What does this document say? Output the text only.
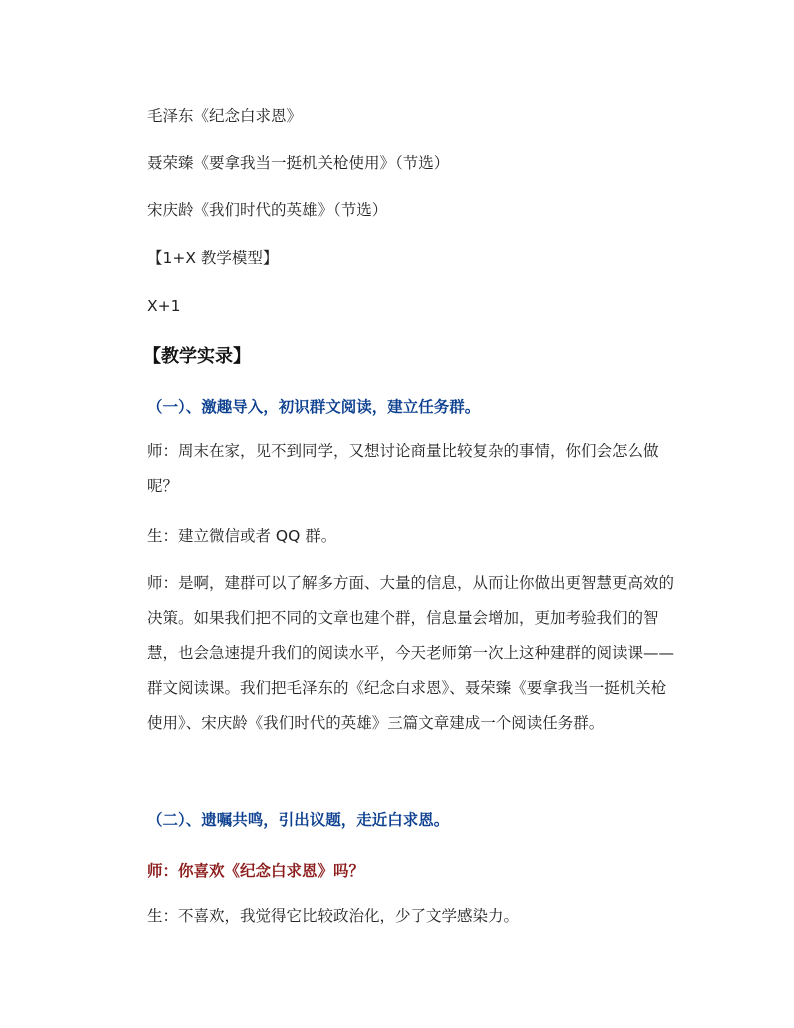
毛泽东《纪念白求恩》
聂荣臻《要拿我当一挺机关枪使用》（节选）
宋庆龄《我们时代的英雄》（节选）
【1+X 教学模型】
X+1
【教学实录】
（一）、激趣导入，初识群文阅读，建立任务群。
师：周末在家，见不到同学，又想讨论商量比较复杂的事情，你们会怎么做呢？
生：建立微信或者 QQ 群。
师：是啊，建群可以了解多方面、大量的信息，从而让你做出更智慧更高效的决策。如果我们把不同的文章也建个群，信息量会增加，更加考验我们的智慧，也会急速提升我们的阅读水平，今天老师第一次上这种建群的阅读课——群文阅读课。我们把毛泽东的《纪念白求恩》、聂荣臻《要拿我当一挺机关枪使用》、宋庆龄《我们时代的英雄》三篇文章建成一个阅读任务群。
（二）、遗嘱共鸣，引出议题，走近白求恩。
师：你喜欢《纪念白求恩》吗？
生：不喜欢，我觉得它比较政治化，少了文学感染力。
